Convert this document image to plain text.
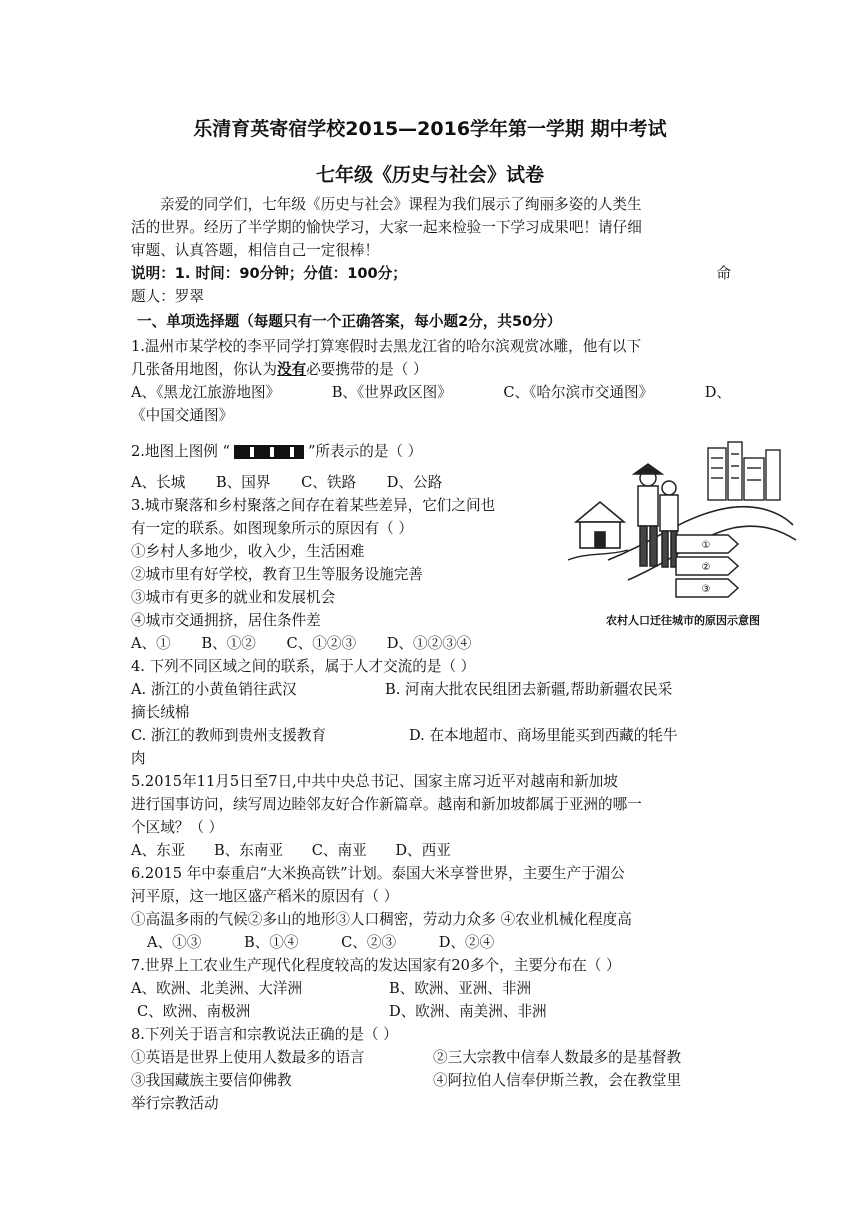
乐清育英寄宿学校2015—2016学年第一学期 期中考试
七年级《历史与社会》试卷
亲爱的同学们，七年级《历史与社会》课程为我们展示了绚丽多姿的人类生
活的世界。经历了半学期的愉快学习，大家一起来检验一下学习成果吧！请仔细
审题、认真答题，相信自己一定很棒！
说明：1. 时间：90分钟；分值：100分；	命
题人：罗翠
一、单项选择题（每题只有一个正确答案，每小题2分，共50分）
1.温州市某学校的李平同学打算寒假时去黑龙江省的哈尔滨观赏冰雕，他有以下
几张备用地图，你认为没有必要携带的是（ ）
A、《黑龙江旅游地图》	B、《世界政区图》	C、《哈尔滨市交通图》	D、
《中国交通图》
2.地图上图例 “	”所表示的是（ ）
A、长城 B、国界 C、铁路 D、公路
3.城市聚落和乡村聚落之间存在着某些差异，它们之间也
有一定的联系。如图现象所示的原因有（ ）
①乡村人多地少，收入少，生活困难
②城市里有好学校，教育卫生等服务设施完善
③城市有更多的就业和发展机会
④城市交通拥挤，居住条件差
A、① B、①② C、①②③ D、①②③④
①
②
③
农村人口迁往城市的原因示意图
4. 下列不同区域之间的联系，属于人才交流的是（ ）
A. 浙江的小黄鱼销往武汉	B. 河南大批农民组团去新疆,帮助新疆农民采
摘长绒棉
C. 浙江的教师到贵州支援教育	D. 在本地超市、商场里能买到西藏的牦牛
肉
5.2015年11月5日至7日,中共中央总书记、国家主席习近平对越南和新加坡
进行国事访问，续写周边睦邻友好合作新篇章。越南和新加坡都属于亚洲的哪一
个区域？（ ）
A、东亚 B、东南亚 C、南亚 D、西亚
6.2015 年中泰重启“大米换高铁”计划。泰国大米享誉世界，主要生产于湄公
河平原，这一地区盛产稻米的原因有（ ）
①高温多雨的气候②多山的地形③人口稠密，劳动力众多 ④农业机械化程度高
A、①③	B、①④	C、②③	D、②④
7.世界上工农业生产现代化程度较高的发达国家有20多个，主要分布在（ ）
A、欧洲、北美洲、大洋洲	B、欧洲、亚洲、非洲
C、欧洲、南极洲	D、欧洲、南美洲、非洲
8.下列关于语言和宗教说法正确的是（ ）
①英语是世界上使用人数最多的语言	②三大宗教中信奉人数最多的是基督教
③我国藏族主要信仰佛教	④阿拉伯人信奉伊斯兰教，会在教堂里
举行宗教活动
